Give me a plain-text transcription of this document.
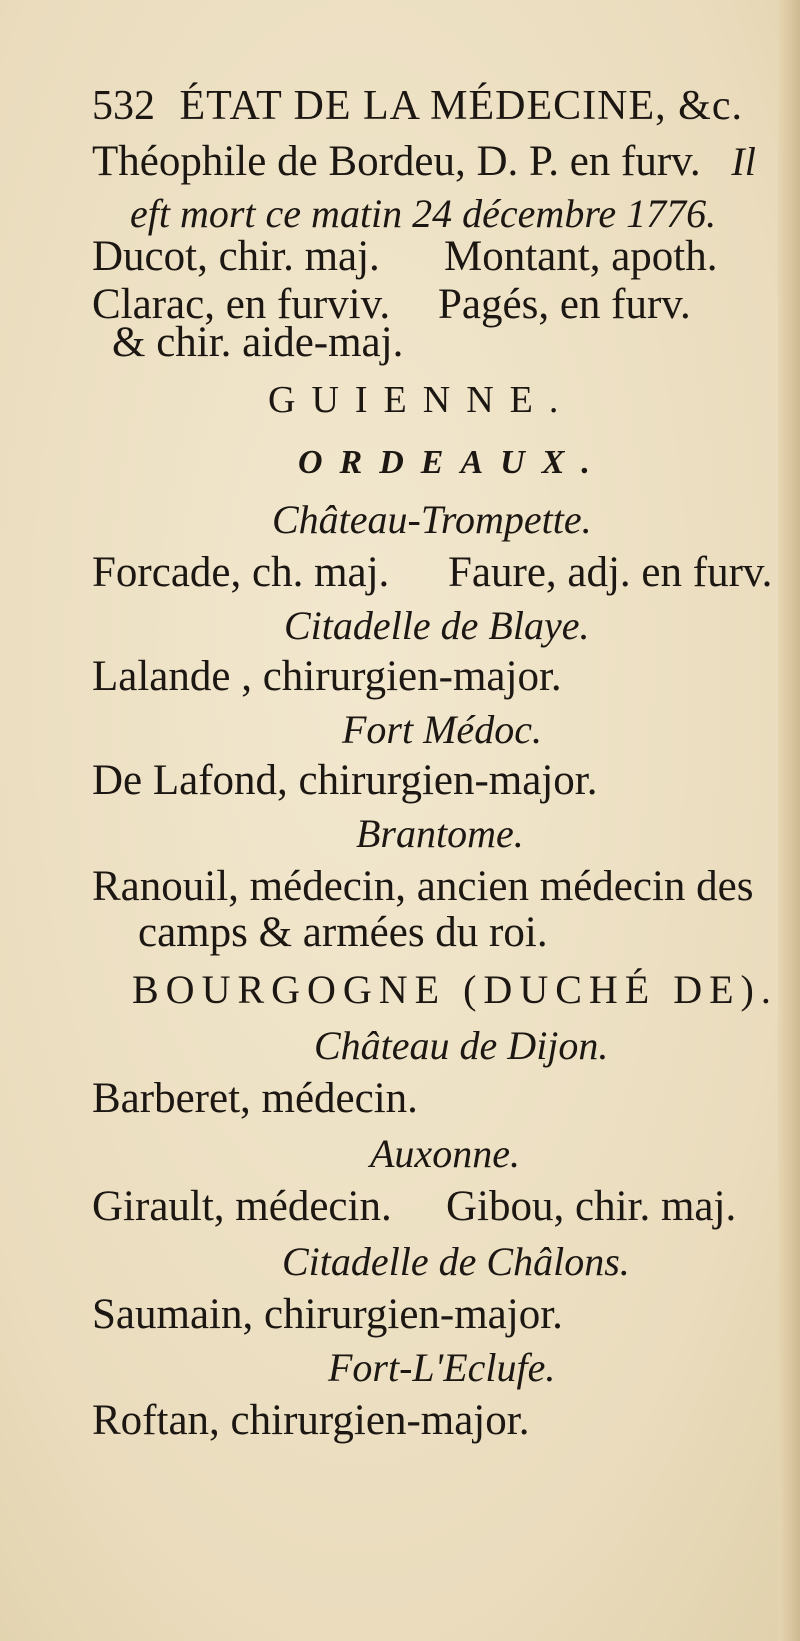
532 ÉTAT DE LA MÉDECINE, &c.
Théophile de Bordeu, D. P. en furv. Il
eft mort ce matin 24 décembre 1776.
Ducot, chir. maj. Montant, apoth.
Clarac, en furviv. Pagés, en furv.
& chir. aide-maj.
GUIENNE.
ORDEAUX.
Château-Trompette.
Forcade, ch. maj. Faure, adj. en furv.
Citadelle de Blaye.
Lalande , chirurgien-major.
Fort Médoc.
De Lafond, chirurgien-major.
Brantome.
Ranouil, médecin, ancien médecin des
camps & armées du roi.
BOURGOGNE (DUCHÉ DE).
Château de Dijon.
Barberet, médecin.
Auxonne.
Girault, médecin. Gibou, chir. maj.
Citadelle de Châlons.
Saumain, chirurgien-major.
Fort-L'Eclufe.
Roftan, chirurgien-major.
